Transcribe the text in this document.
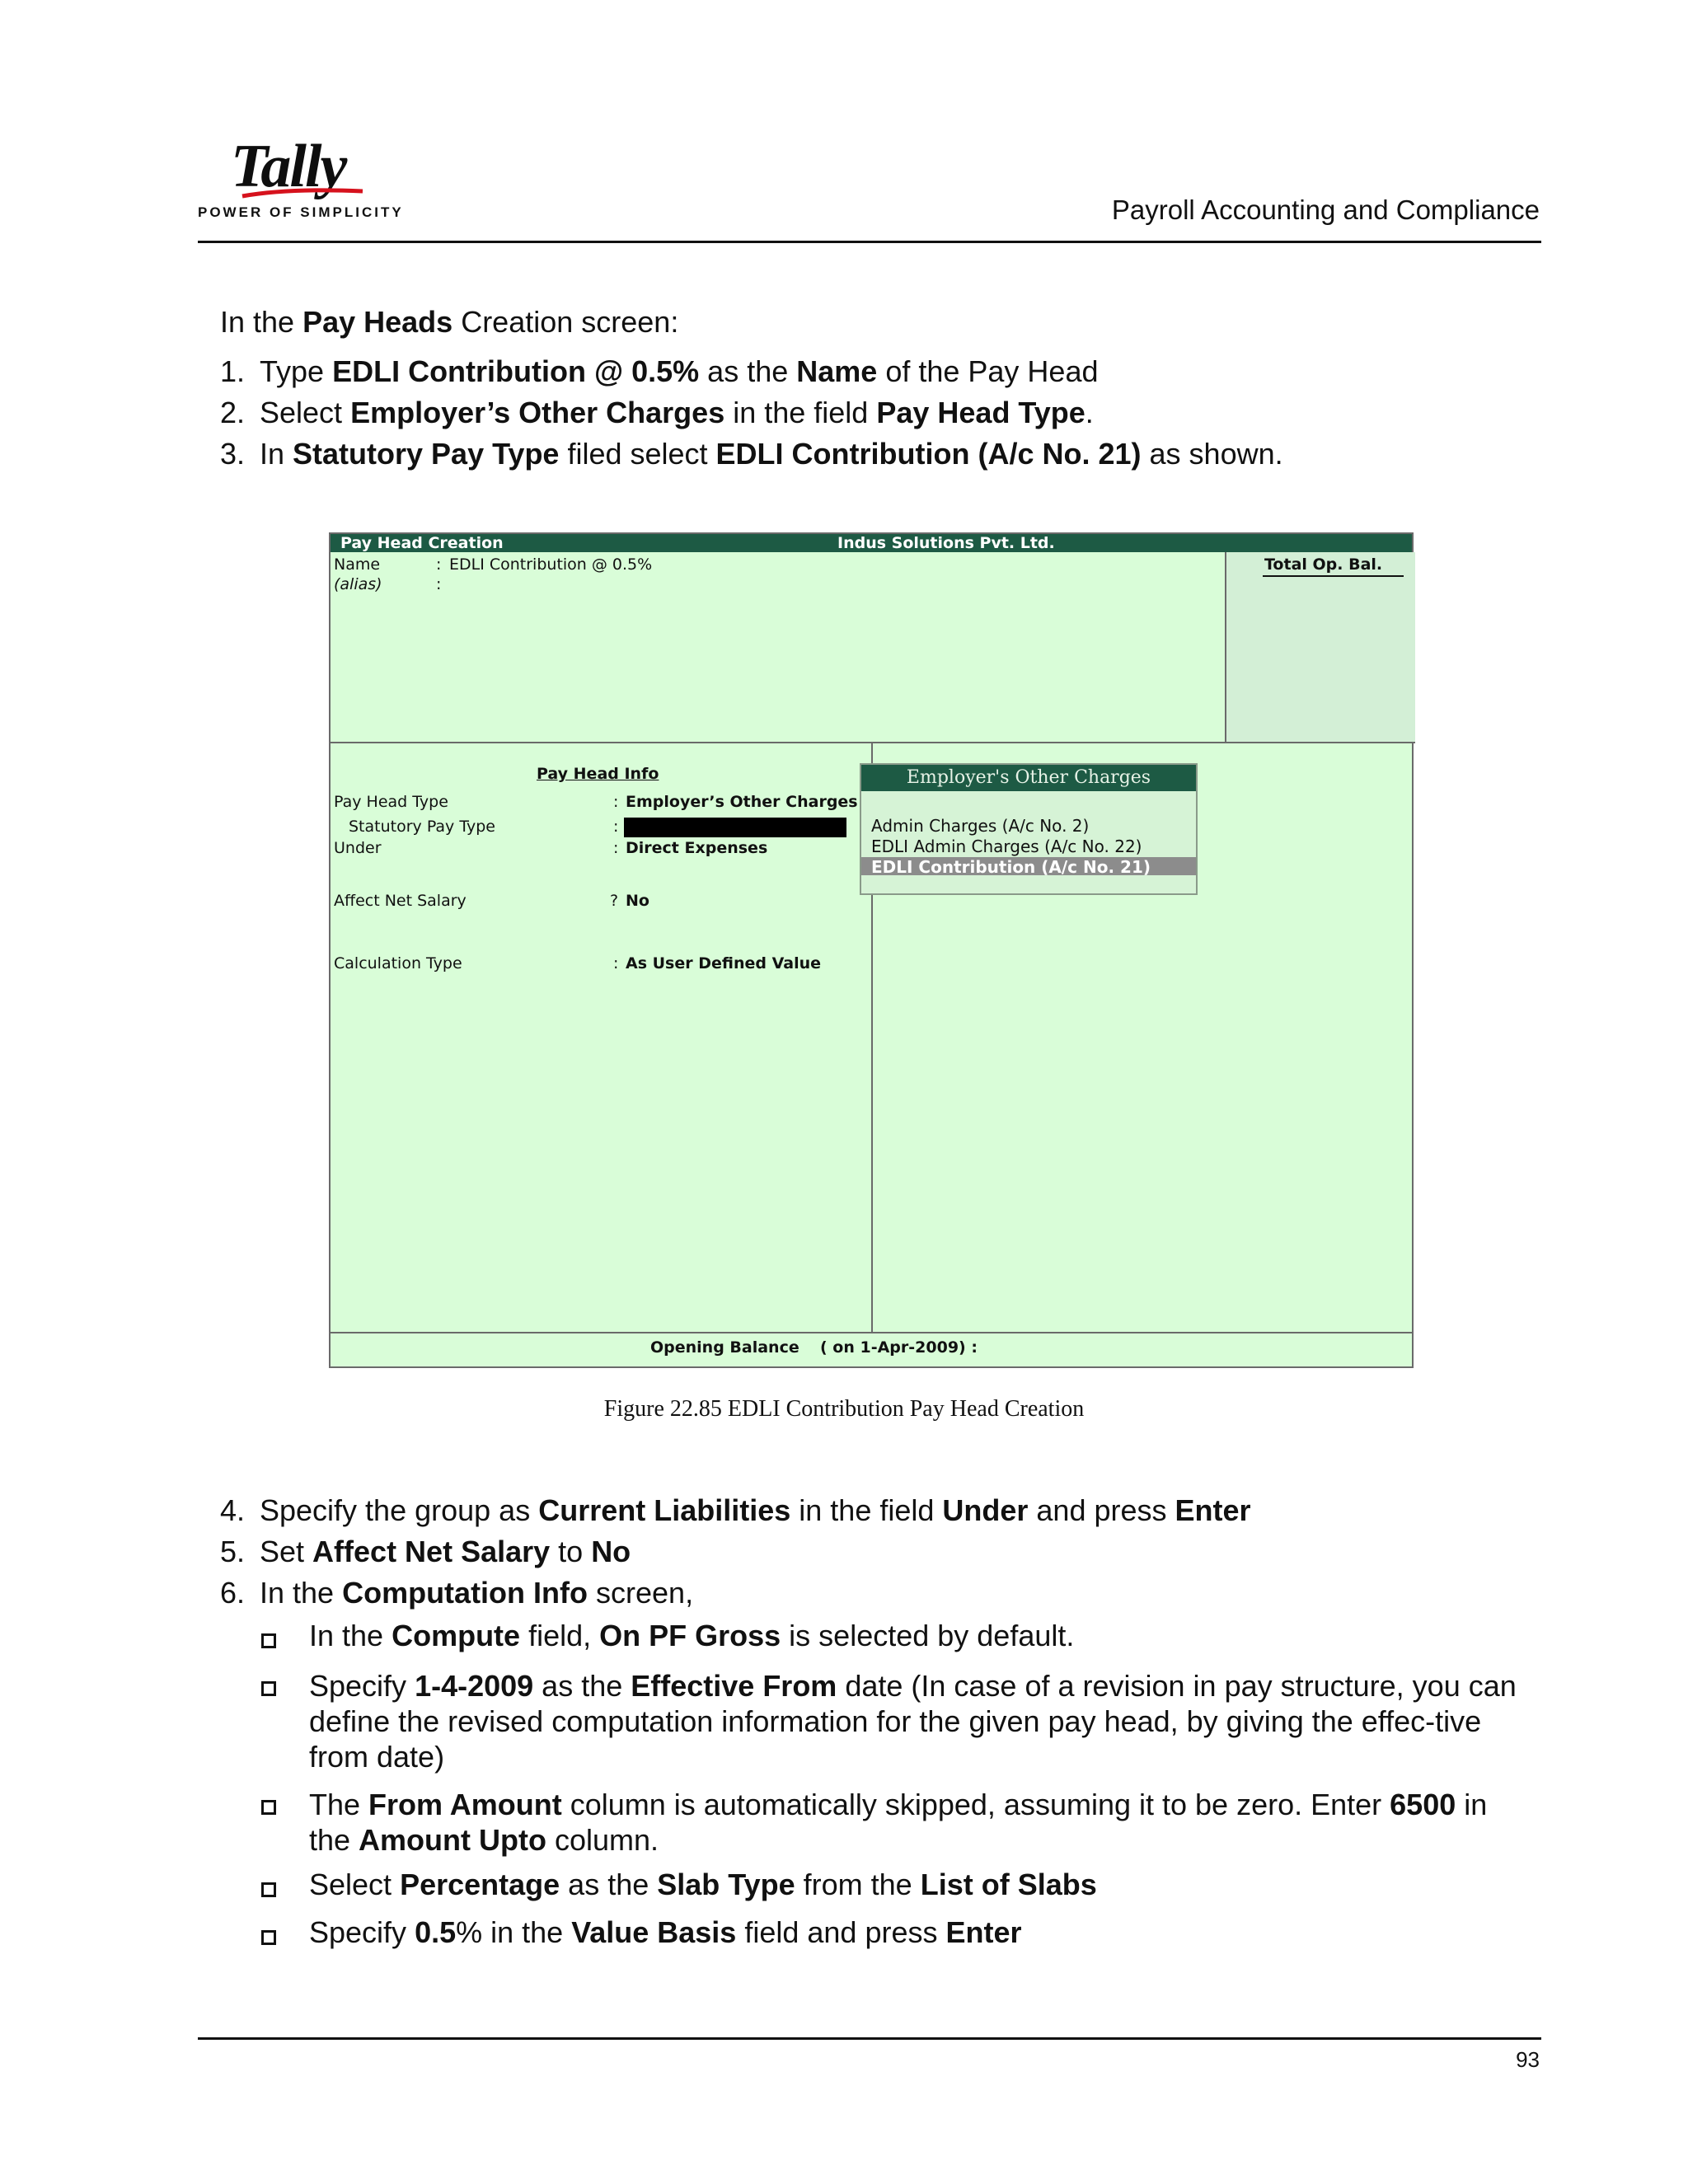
Tally
POWER OF SIMPLICITY	Payroll Accounting and Compliance
In the Pay Heads Creation screen:
1. Type EDLI Contribution @ 0.5% as the Name of the Pay Head
2. Select Employer’s Other Charges in the field Pay Head Type.
3. In Statutory Pay Type filed select EDLI Contribution (A/c No. 21) as shown.
Pay Head Creation	Indus Solutions Pvt. Ltd.
Name	: EDLI Contribution @ 0.5%
(alias)	:
Total Op. Bal.
Pay Head Info
Pay Head Type	: Employer’s Other Charges
Statutory Pay Type	:
Under	: Direct Expenses
Affect Net Salary	? No
Calculation Type	: As User Defined Value
Employer's Other Charges
Admin Charges (A/c No. 2)
EDLI Admin Charges (A/c No. 22)
EDLI Contribution (A/c No. 21)
Opening Balance ( on 1-Apr-2009) :
Figure 22.85 EDLI Contribution Pay Head Creation
4. Specify the group as Current Liabilities in the field Under and press Enter
5. Set Affect Net Salary to No
6. In the Computation Info screen,
In the Compute field, On PF Gross is selected by default.
Specify 1-4-2009 as the Effective From date (In case of a revision in pay structure, you can define the revised computation information for the given pay head, by giving the effec-tive from date)
The From Amount column is automatically skipped, assuming it to be zero. Enter 6500 in the Amount Upto column.
Select Percentage as the Slab Type from the List of Slabs
Specify 0.5% in the Value Basis field and press Enter
93
